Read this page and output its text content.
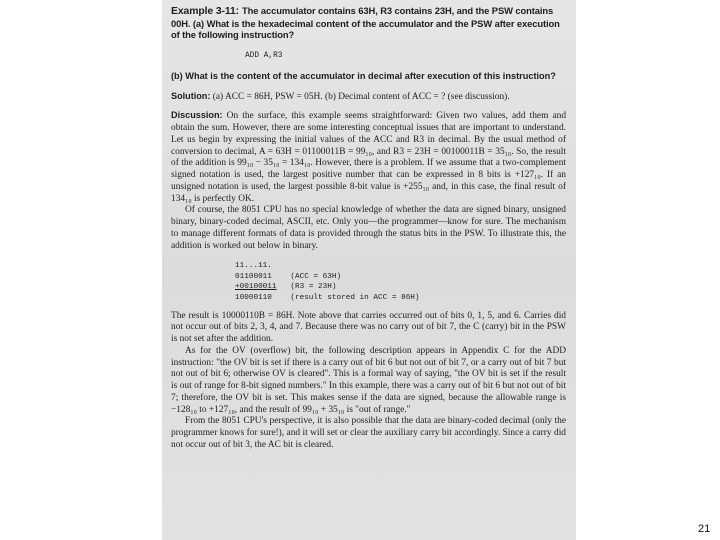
Example 3-11: The accumulator contains 63H, R3 contains 23H, and the PSW contains 00H. (a) What is the hexadecimal content of the accumulator and the PSW after execution of the following instruction?

ADD A,R3

(b) What is the content of the accumulator in decimal after execution of this instruction?

Solution: (a) ACC = 86H, PSW = 05H. (b) Decimal content of ACC = ? (see discussion).

Discussion: On the surface, this example seems straightforward: Given two values, add them and obtain the sum. However, there are some interesting conceptual issues that are important to understand. Let us begin by expressing the initial values of the ACC and R3 in decimal. By the usual method of conversion to decimal, A = 63H = 01100011B = 99₁₀, and R3 = 23H = 00100011B = 35₁₀. So, the result of the addition is 99₁₀ − 35₁₀ = 134₁₀. However, there is a problem. If we assume that a two-complement signed notation is used, the largest positive number that can be expressed in 8 bits is +127₁₀. If an unsigned notation is used, the largest possible 8-bit value is +255₁₀ and, in this case, the final result of 134₁₀ is perfectly OK.

Of course, the 8051 CPU has no special knowledge of whether the data are signed binary, unsigned binary, binary-coded decimal, ASCII, etc. Only you—the programmer—know for sure. The mechanism to manage different formats of data is provided through the status bits in the PSW. To illustrate this, the addition is worked out below in binary.

11...11.
01100011 (ACC = 63H)
+00100011 (R3 = 23H)
10000110 (result stored in ACC = 86H)

The result is 10000110B = 86H. Note above that carries occurred out of bits 0, 1, 5, and 6. Carries did not occur out of bits 2, 3, 4, and 7. Because there was no carry out of bit 7, the C (carry) bit in the PSW is not set after the addition.

As for the OV (overflow) bit, the following description appears in Appendix C for the ADD instruction: "the OV bit is set if there is a carry out of bit 6 but not out of bit 7, or a carry out of bit 7 but not out of bit 6; otherwise OV is cleared". This is a formal way of saying, "the OV bit is set if the result is out of range for 8-bit signed numbers." In this example, there was a carry out of bit 6 but not out of bit 7; therefore, the OV bit is set. This makes sense if the data are signed, because the allowable range is −128₁₀ to +127₁₀, and the result of 99₁₀ + 35₁₀ is "out of range."

From the 8051 CPU's perspective, it is also possible that the data are binary-coded decimal (only the programmer knows for sure!), and it will set or clear the auxiliary carry bit accordingly. Since a carry did not occur out of bit 3, the AC bit is cleared.

21
